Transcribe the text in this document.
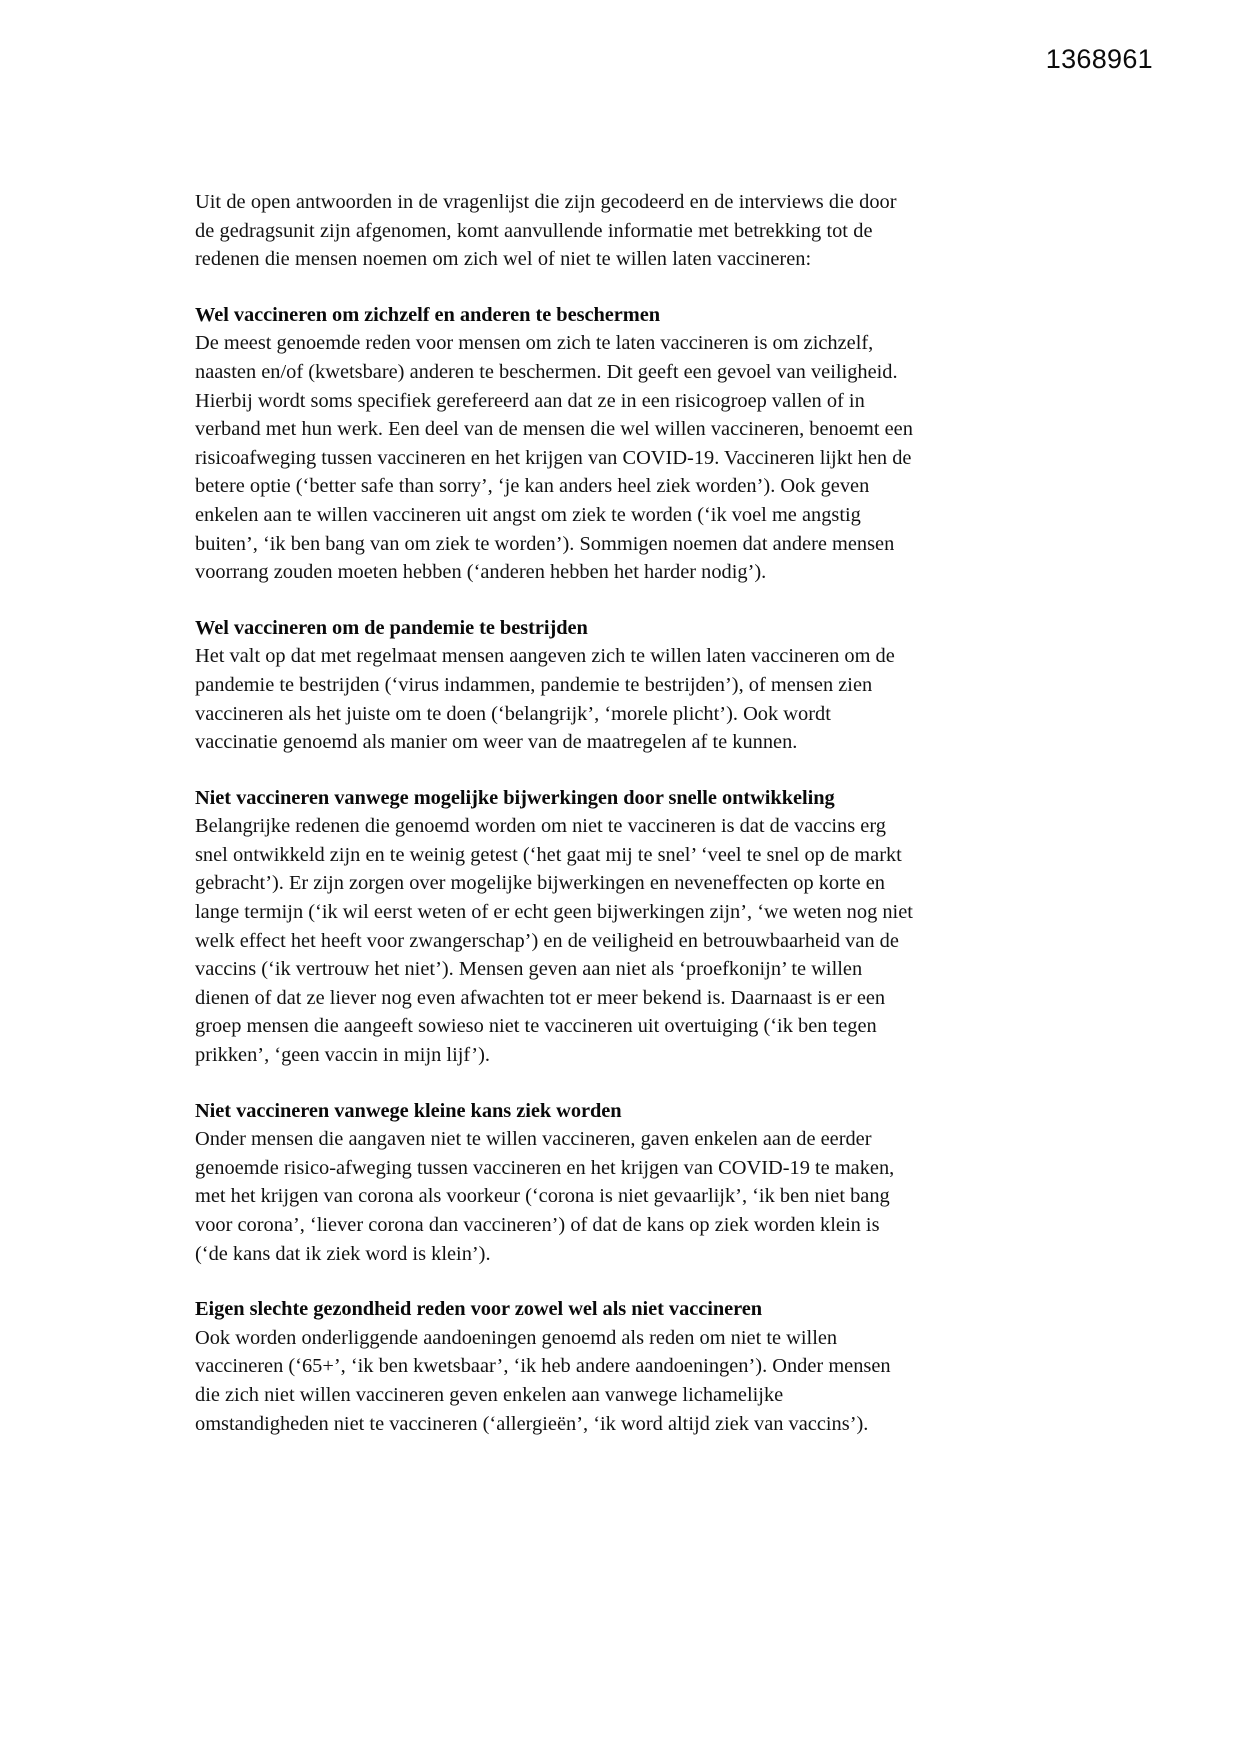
1368961

Uit de open antwoorden in de vragenlijst die zijn gecodeerd en de interviews die door de gedragsunit zijn afgenomen, komt aanvullende informatie met betrekking tot de redenen die mensen noemen om zich wel of niet te willen laten vaccineren:

Wel vaccineren om zichzelf en anderen te beschermen

De meest genoemde reden voor mensen om zich te laten vaccineren is om zichzelf, naasten en/of (kwetsbare) anderen te beschermen. Dit geeft een gevoel van veiligheid. Hierbij wordt soms specifiek gerefereerd aan dat ze in een risicogroep vallen of in verband met hun werk. Een deel van de mensen die wel willen vaccineren, benoemt een risicoafweging tussen vaccineren en het krijgen van COVID-19. Vaccineren lijkt hen de betere optie (‘better safe than sorry’, ‘je kan anders heel ziek worden’). Ook geven enkelen aan te willen vaccineren uit angst om ziek te worden (‘ik voel me angstig buiten’, ‘ik ben bang van om ziek te worden’). Sommigen noemen dat andere mensen voorrang zouden moeten hebben (‘anderen hebben het harder nodig’).

Wel vaccineren om de pandemie te bestrijden

Het valt op dat met regelmaat mensen aangeven zich te willen laten vaccineren om de pandemie te bestrijden (‘virus indammen, pandemie te bestrijden’), of mensen zien vaccineren als het juiste om te doen (‘belangrijk’, ‘morele plicht’). Ook wordt vaccinatie genoemd als manier om weer van de maatregelen af te kunnen.

Niet vaccineren vanwege mogelijke bijwerkingen door snelle ontwikkeling

Belangrijke redenen die genoemd worden om niet te vaccineren is dat de vaccins erg snel ontwikkeld zijn en te weinig getest (‘het gaat mij te snel’ ‘veel te snel op de markt gebracht’). Er zijn zorgen over mogelijke bijwerkingen en neveneffecten op korte en lange termijn (‘ik wil eerst weten of er echt geen bijwerkingen zijn’, ‘we weten nog niet welk effect het heeft voor zwangerschap’) en de veiligheid en betrouwbaarheid van de vaccins (‘ik vertrouw het niet’). Mensen geven aan niet als ‘proefkonijn’ te willen dienen of dat ze liever nog even afwachten tot er meer bekend is. Daarnaast is er een groep mensen die aangeeft sowieso niet te vaccineren uit overtuiging (‘ik ben tegen prikken’, ‘geen vaccin in mijn lijf’).

Niet vaccineren vanwege kleine kans ziek worden

Onder mensen die aangaven niet te willen vaccineren, gaven enkelen aan de eerder genoemde risico-afweging tussen vaccineren en het krijgen van COVID-19 te maken, met het krijgen van corona als voorkeur (‘corona is niet gevaarlijk’, ‘ik ben niet bang voor corona’, ‘liever corona dan vaccineren’) of dat de kans op ziek worden klein is (‘de kans dat ik ziek word is klein’).

Eigen slechte gezondheid reden voor zowel wel als niet vaccineren

Ook worden onderliggende aandoeningen genoemd als reden om niet te willen vaccineren (‘65+’, ‘ik ben kwetsbaar’, ‘ik heb andere aandoeningen’). Onder mensen die zich niet willen vaccineren geven enkelen aan vanwege lichamelijke omstandigheden niet te vaccineren (‘allergieën’, ‘ik word altijd ziek van vaccins’).
